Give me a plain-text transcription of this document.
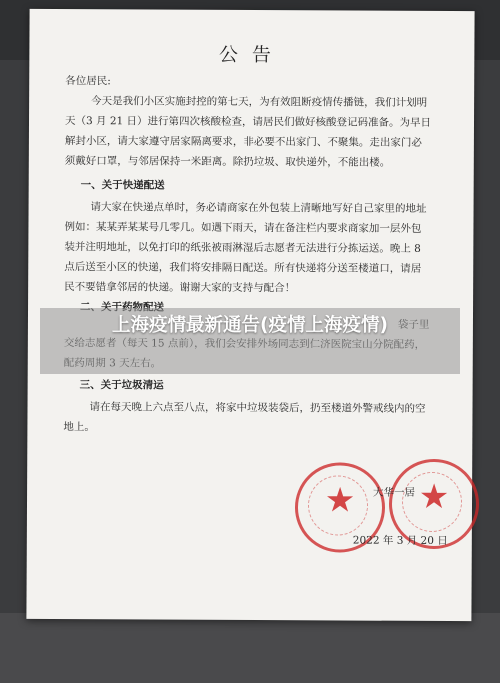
公告
各位居民:
今天是我们小区实施封控的第七天，为有效阻断疫情传播链，我们计划明
天（3 月 21 日）进行第四次核酸检查，请居民们做好核酸登记码准备。为早日
解封小区，请大家遵守居家隔离要求，非必要不出家门、不聚集。走出家门必
须戴好口罩，与邻居保持一米距离。除扔垃圾、取快递外，不能出楼。
一、关于快递配送
请大家在快递点单时，务必请商家在外包装上清晰地写好自己家里的地址
例如：某某弄某某号几零几。如遇下雨天，请在备注栏内要求商家加一层外包
装并注明地址，以免打印的纸张被雨淋湿后志愿者无法进行分拣运送。晚上 8
点后送至小区的快递，我们将安排隔日配送。所有快递将分送至楼道口，请居
民不要错拿邻居的快递。谢谢大家的支持与配合！
三、关于垃圾清运
请在每天晚上六点至八点，将家中垃圾装袋后，扔至楼道外警戒线内的空
地上。
★	★
大华一居
2022 年 3 月 20 日
上海疫情最新通告(疫情上海疫情)
